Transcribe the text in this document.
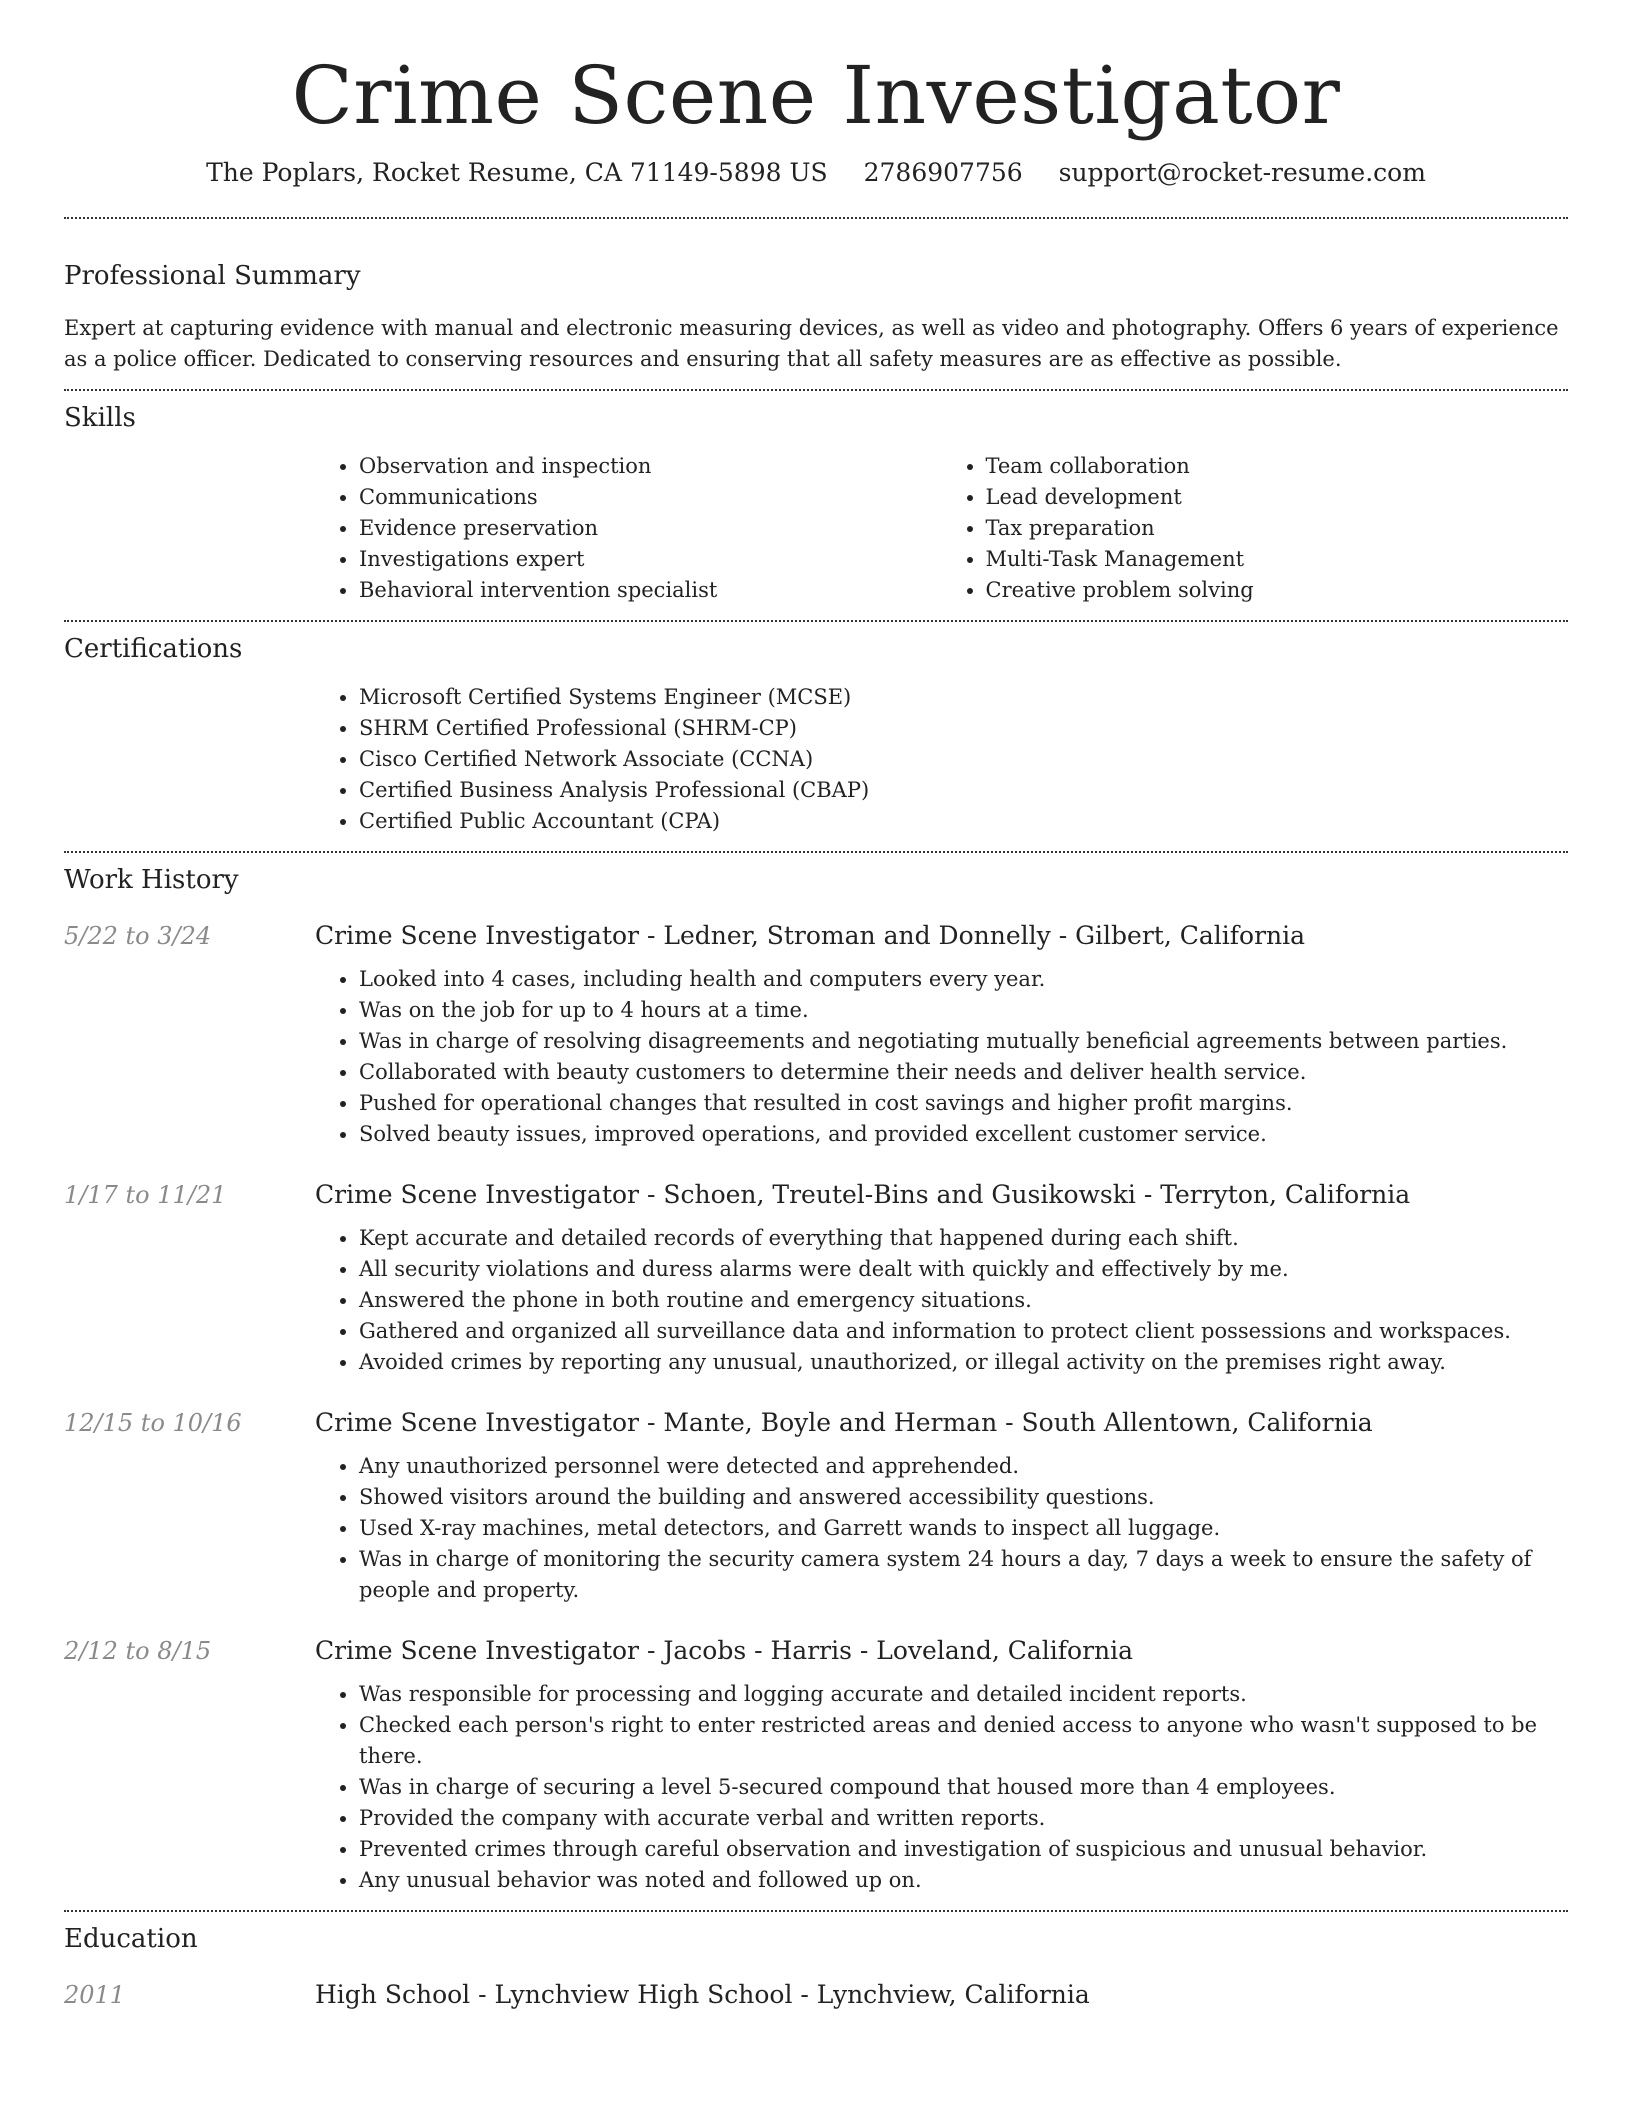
Crime Scene Investigator
The Poplars, Rocket Resume, CA 71149-5898 US 2786907756 support@rocket-resume.com
Professional Summary

Expert at capturing evidence with manual and electronic measuring devices, as well as video and photography. Offers 6 years of experience as a police officer. Dedicated to conserving resources and ensuring that all safety measures are as effective as possible.

Skills
• Observation and inspection
• Communications
• Evidence preservation
• Investigations expert
• Behavioral intervention specialist
• Team collaboration
• Lead development
• Tax preparation
• Multi-Task Management
• Creative problem solving
Certifications
• Microsoft Certified Systems Engineer (MCSE)
• SHRM Certified Professional (SHRM-CP)
• Cisco Certified Network Associate (CCNA)
• Certified Business Analysis Professional (CBAP)
• Certified Public Accountant (CPA)
Work History
5/22 to 3/24	Crime Scene Investigator - Ledner, Stroman and Donnelly - Gilbert, California
• Looked into 4 cases, including health and computers every year.
• Was on the job for up to 4 hours at a time.
• Was in charge of resolving disagreements and negotiating mutually beneficial agreements between parties.
• Collaborated with beauty customers to determine their needs and deliver health service.
• Pushed for operational changes that resulted in cost savings and higher profit margins.
• Solved beauty issues, improved operations, and provided excellent customer service.
1/17 to 11/21	Crime Scene Investigator - Schoen, Treutel-Bins and Gusikowski - Terryton, California
• Kept accurate and detailed records of everything that happened during each shift.
• All security violations and duress alarms were dealt with quickly and effectively by me.
• Answered the phone in both routine and emergency situations.
• Gathered and organized all surveillance data and information to protect client possessions and workspaces.
• Avoided crimes by reporting any unusual, unauthorized, or illegal activity on the premises right away.
12/15 to 10/16	Crime Scene Investigator - Mante, Boyle and Herman - South Allentown, California
• Any unauthorized personnel were detected and apprehended.
• Showed visitors around the building and answered accessibility questions.
• Used X-ray machines, metal detectors, and Garrett wands to inspect all luggage.
• Was in charge of monitoring the security camera system 24 hours a day, 7 days a week to ensure the safety of people and property.
2/12 to 8/15	Crime Scene Investigator - Jacobs - Harris - Loveland, California
• Was responsible for processing and logging accurate and detailed incident reports.
• Checked each person's right to enter restricted areas and denied access to anyone who wasn't supposed to be there.
• Was in charge of securing a level 5-secured compound that housed more than 4 employees.
• Provided the company with accurate verbal and written reports.
• Prevented crimes through careful observation and investigation of suspicious and unusual behavior.
• Any unusual behavior was noted and followed up on.
Education
2011	High School - Lynchview High School - Lynchview, California
